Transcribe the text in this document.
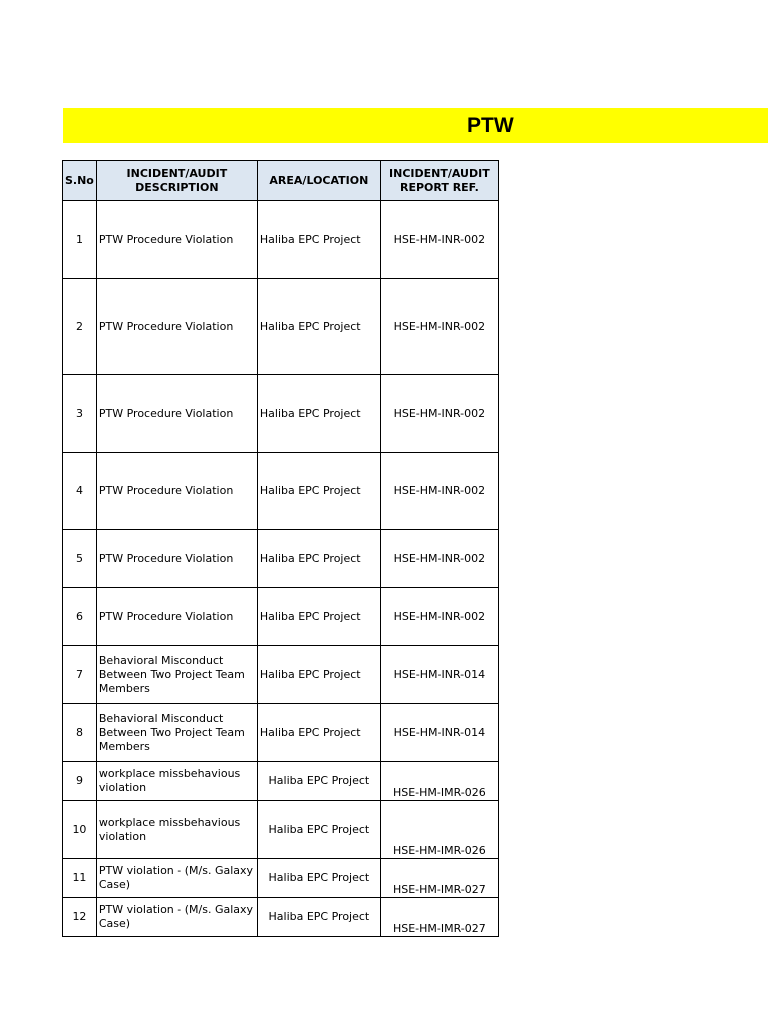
PTW
S.No	INCIDENT/AUDIT DESCRIPTION	AREA/LOCATION	INCIDENT/AUDIT REPORT REF.
1	PTW Procedure Violation	Haliba EPC Project	HSE-HM-INR-002
2	PTW Procedure Violation	Haliba EPC Project	HSE-HM-INR-002
3	PTW Procedure Violation	Haliba EPC Project	HSE-HM-INR-002
4	PTW Procedure Violation	Haliba EPC Project	HSE-HM-INR-002
5	PTW Procedure Violation	Haliba EPC Project	HSE-HM-INR-002
6	PTW Procedure Violation	Haliba EPC Project	HSE-HM-INR-002
7	Behavioral Misconduct Between Two Project Team Members	Haliba EPC Project	HSE-HM-INR-014
8	Behavioral Misconduct Between Two Project Team Members	Haliba EPC Project	HSE-HM-INR-014
9	workplace missbehavious violation	Haliba EPC Project	HSE-HM-IMR-026
10	workplace missbehavious violation	Haliba EPC Project	HSE-HM-IMR-026
11	PTW violation - (M/s. Galaxy Case)	Haliba EPC Project	HSE-HM-IMR-027
12	PTW violation - (M/s. Galaxy Case)	Haliba EPC Project	HSE-HM-IMR-027
